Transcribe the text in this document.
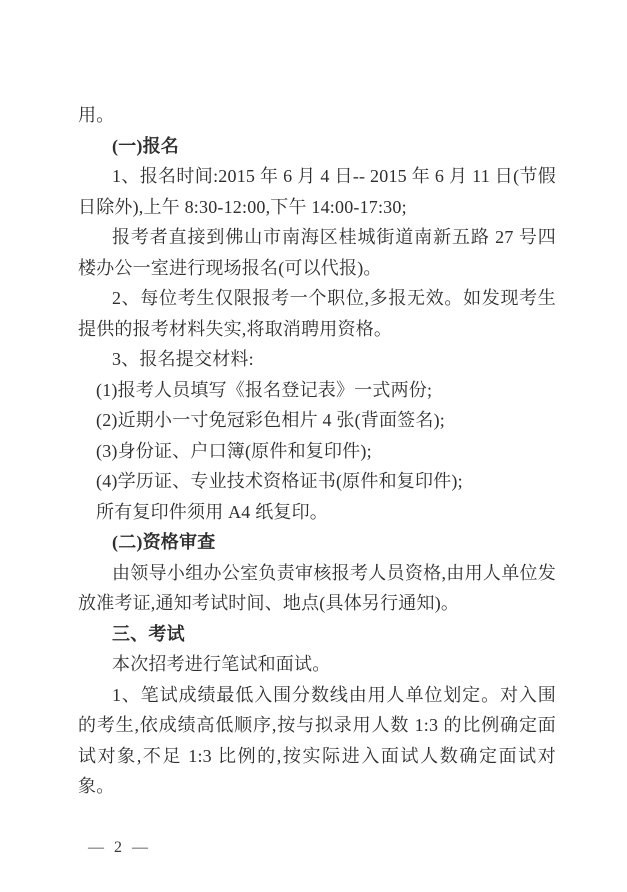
用。

(一)报名

1、报名时间:2015 年 6 月 4 日-- 2015 年 6 月 11 日(节假日除外),上午 8:30-12:00,下午 14:00-17:30;

报考者直接到佛山市南海区桂城街道南新五路 27 号四楼办公一室进行现场报名(可以代报)。

2、每位考生仅限报考一个职位,多报无效。如发现考生提供的报考材料失实,将取消聘用资格。

3、报名提交材料:

(1)报考人员填写《报名登记表》一式两份;

(2)近期小一寸免冠彩色相片 4 张(背面签名);

(3)身份证、户口簿(原件和复印件);

(4)学历证、专业技术资格证书(原件和复印件);

所有复印件须用 A4 纸复印。

(二)资格审查

由领导小组办公室负责审核报考人员资格,由用人单位发放准考证,通知考试时间、地点(具体另行通知)。

三、考试

本次招考进行笔试和面试。

1、笔试成绩最低入围分数线由用人单位划定。对入围的考生,依成绩高低顺序,按与拟录用人数 1:3 的比例确定面试对象,不足 1:3 比例的,按实际进入面试人数确定面试对象。

— 2 —
